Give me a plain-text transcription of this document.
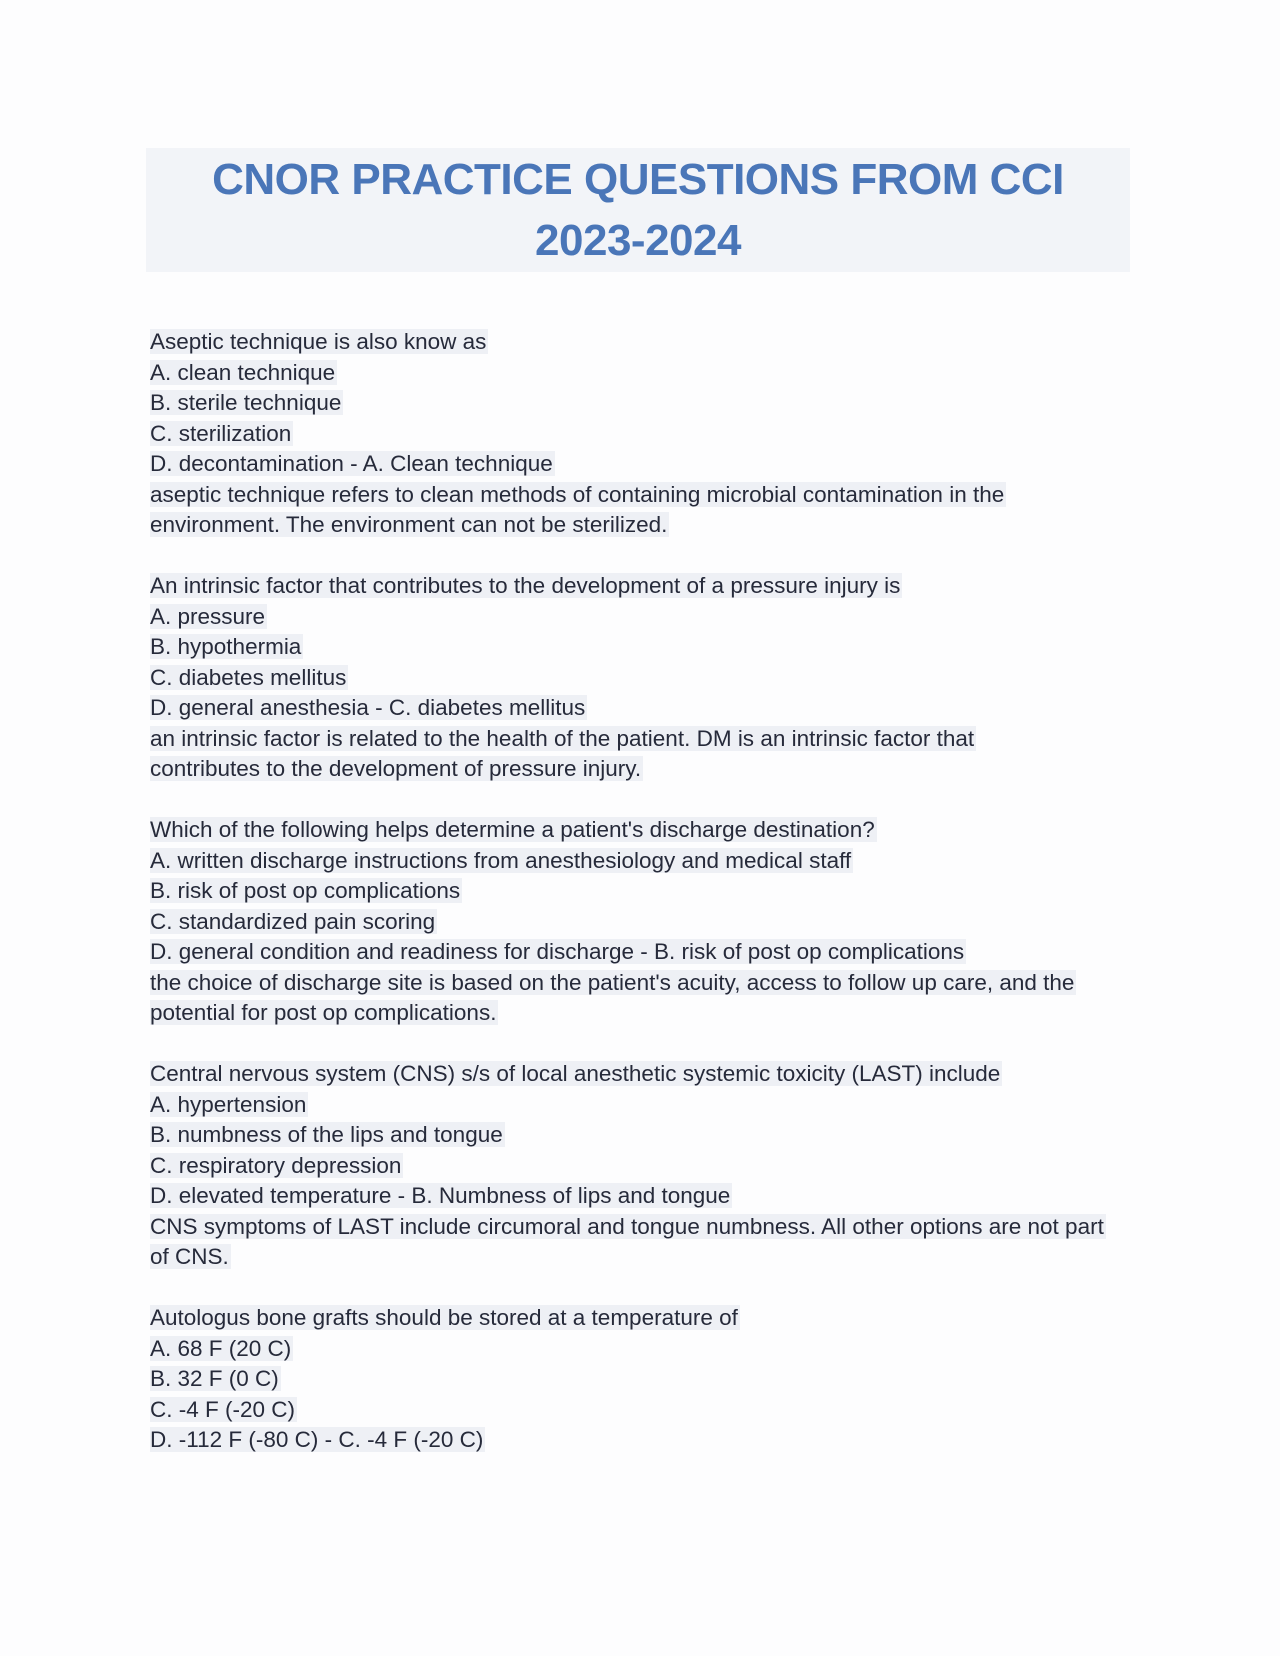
CNOR PRACTICE QUESTIONS FROM CCI 2023-2024
Aseptic technique is also know as
A. clean technique
B. sterile technique
C. sterilization
D. decontamination - A. Clean technique
aseptic technique refers to clean methods of containing microbial contamination in the
environment. The environment can not be sterilized.
An intrinsic factor that contributes to the development of a pressure injury is
A. pressure
B. hypothermia
C. diabetes mellitus
D. general anesthesia - C. diabetes mellitus
an intrinsic factor is related to the health of the patient. DM is an intrinsic factor that
contributes to the development of pressure injury.
Which of the following helps determine a patient's discharge destination?
A. written discharge instructions from anesthesiology and medical staff
B. risk of post op complications
C. standardized pain scoring
D. general condition and readiness for discharge - B. risk of post op complications
the choice of discharge site is based on the patient's acuity, access to follow up care, and the
potential for post op complications.
Central nervous system (CNS) s/s of local anesthetic systemic toxicity (LAST) include
A. hypertension
B. numbness of the lips and tongue
C. respiratory depression
D. elevated temperature - B. Numbness of lips and tongue
CNS symptoms of LAST include circumoral and tongue numbness. All other options are not part
of CNS.
Autologus bone grafts should be stored at a temperature of
A. 68 F (20 C)
B. 32 F (0 C)
C. -4 F (-20 C)
D. -112 F (-80 C) - C. -4 F (-20 C)
